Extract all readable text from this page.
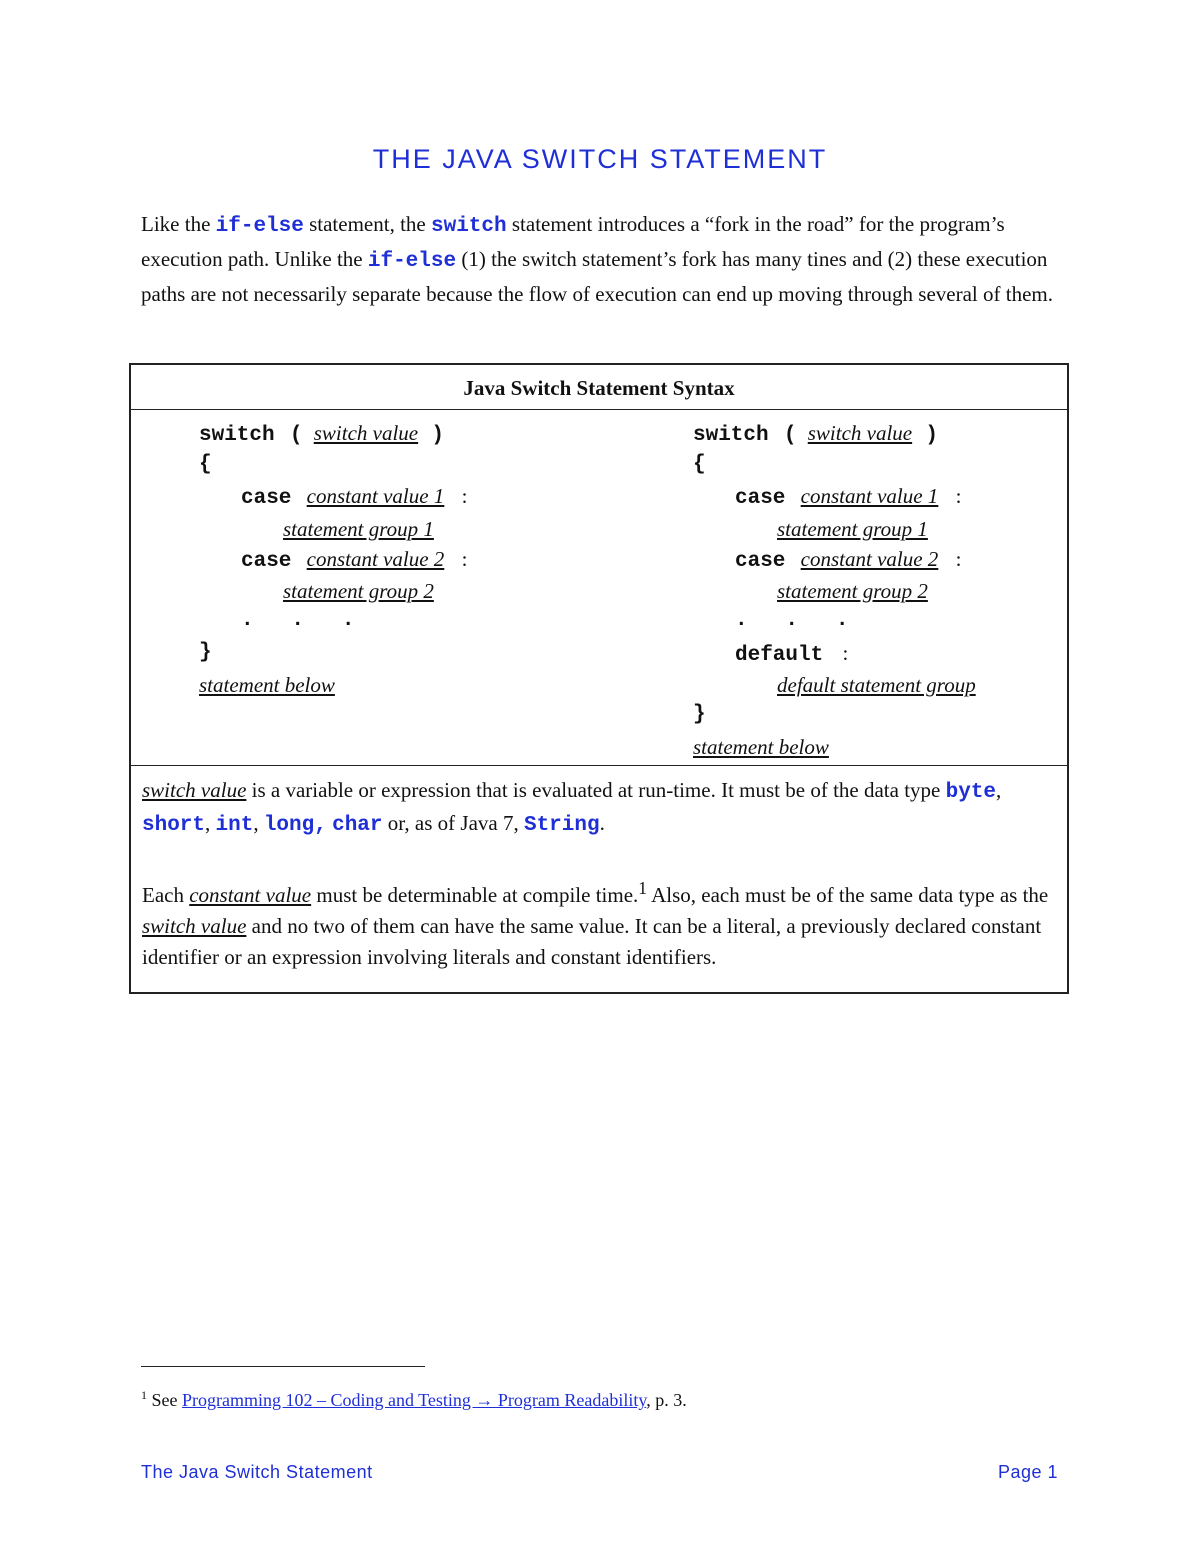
THE JAVA SWITCH STATEMENT
Like the if-else statement, the switch statement introduces a “fork in the road” for the program’s execution path. Unlike the if-else (1) the switch statement’s fork has many tines and (2) these execution paths are not necessarily separate because the flow of execution can end up moving through several of them.
Java Switch Statement Syntax
switch ( switch value )
{
case constant value 1 :
statement group 1
case constant value 2 :
statement group 2
.   .   .
}
statement below
switch ( switch value )
{
case constant value 1 :
statement group 1
case constant value 2 :
statement group 2
.   .   .
default :
default statement group
}
statement below

switch value is a variable or expression that is evaluated at run-time. It must be of the data type byte, short, int, long, char or, as of Java 7, String.

Each constant value must be determinable at compile time.$^1$ Also, each must be of the same data type as the switch value and no two of them can have the same value. It can be a literal, a previously declared constant identifier or an expression involving literals and constant identifiers.

$^1$ See Programming 102 – Coding and Testing → Program Readability, p. 3.
The Java Switch Statement	Page 1
